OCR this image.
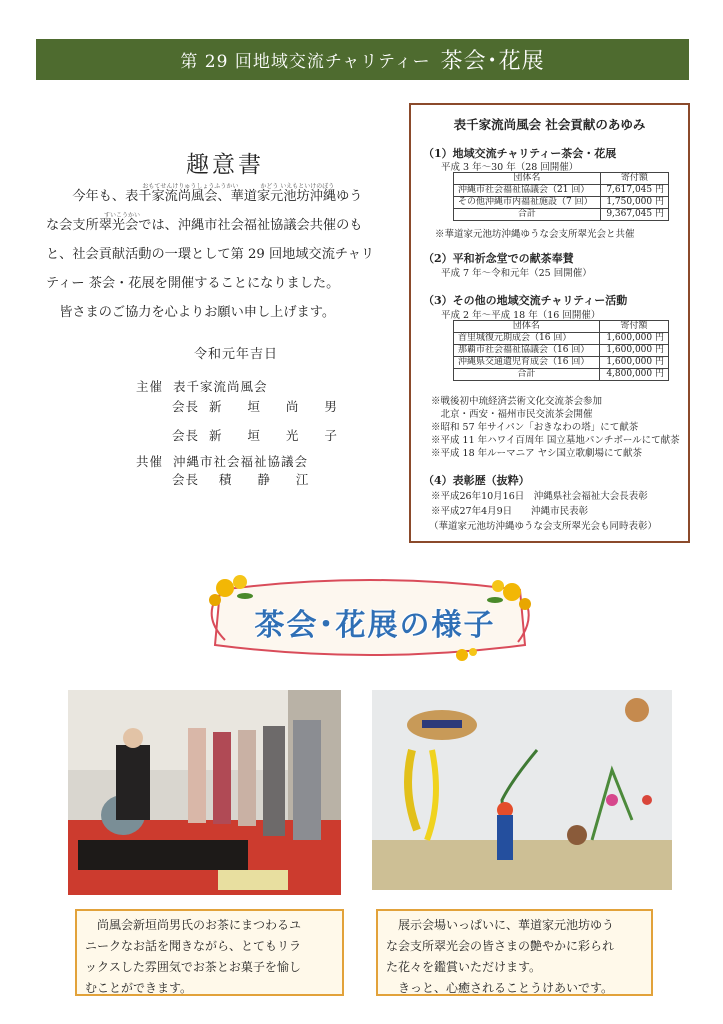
第 29 回地域交流チャリティー 茶会･花展
趣意書

おもてせんけりゅうしょうふうかい	かどう いえもといけのぼう
今年も、表千家流尚風会、華道家元池坊沖縄ゆう

すいこうかい
な会支所翠光会では、沖縄市社会福祉協議会共催のも

と、社会貢献活動の一環として第 29 回地域交流チャリ

ティー 茶会・花展を開催することになりました。

皆さまのご協力を心よりお願い申し上げます。

令和元年吉日
主催 表千家流尚風会
会長 新 垣 尚 男
会長 新 垣 光 子
共催 沖縄市社会福祉協議会
会長 積 静 江
表千家流尚風会 社会貢献のあゆみ
（1）地域交流チャリティー茶会・花展
平成 3 年〜30 年（28 回開催）
団体名	寄付額
沖縄市社会福祉協議会（21 回）	7,617,045 円
その他沖縄市内福祉施設（7 回）	1,750,000 円
合計	9,367,045 円
※華道家元池坊沖縄ゆうな会支所翠光会と共催
（2）平和祈念堂での献茶奉賛
平成 7 年〜令和元年（25 回開催）
（3）その他の地域交流チャリティー活動
平成 2 年〜平成 18 年（16 回開催）
団体名	寄付額
首里城復元期成会（16 回）	1,600,000 円
那覇市社会福祉協議会（16 回）	1,600,000 円
沖縄県交通遺児育成会（16 回）	1,600,000 円
合計	4,800,000 円
※戦後初中琉経済芸術文化交流茶会参加
　北京・西安・福州市民交流茶会開催
※昭和 57 年サイパン「おきなわの塔」にて献茶
※平成 11 年ハワイ百周年 国立墓地パンチボールにて献茶
※平成 18 年ルーマニア ヤシ国立歌劇場にて献茶
（4）表彰歴（抜粋）
※平成26年10月16日　沖縄県社会福祉大会長表彰
※平成27年4月9日　　沖縄市民表彰
（華道家元池坊沖縄ゆうな会支所翠光会も同時表彰）
茶会･花展の様子

尚風会新垣尚男氏のお茶にまつわるユ

ニークなお話を聞きながら、とてもリラ

ックスした雰囲気でお茶とお菓子を愉し

むことができます。

展示会場いっぱいに、華道家元池坊ゆう

な会支所翠光会の皆さまの艶やかに彩られ

た花々を鑑賞いただけます。

きっと、心癒されることうけあいです。
